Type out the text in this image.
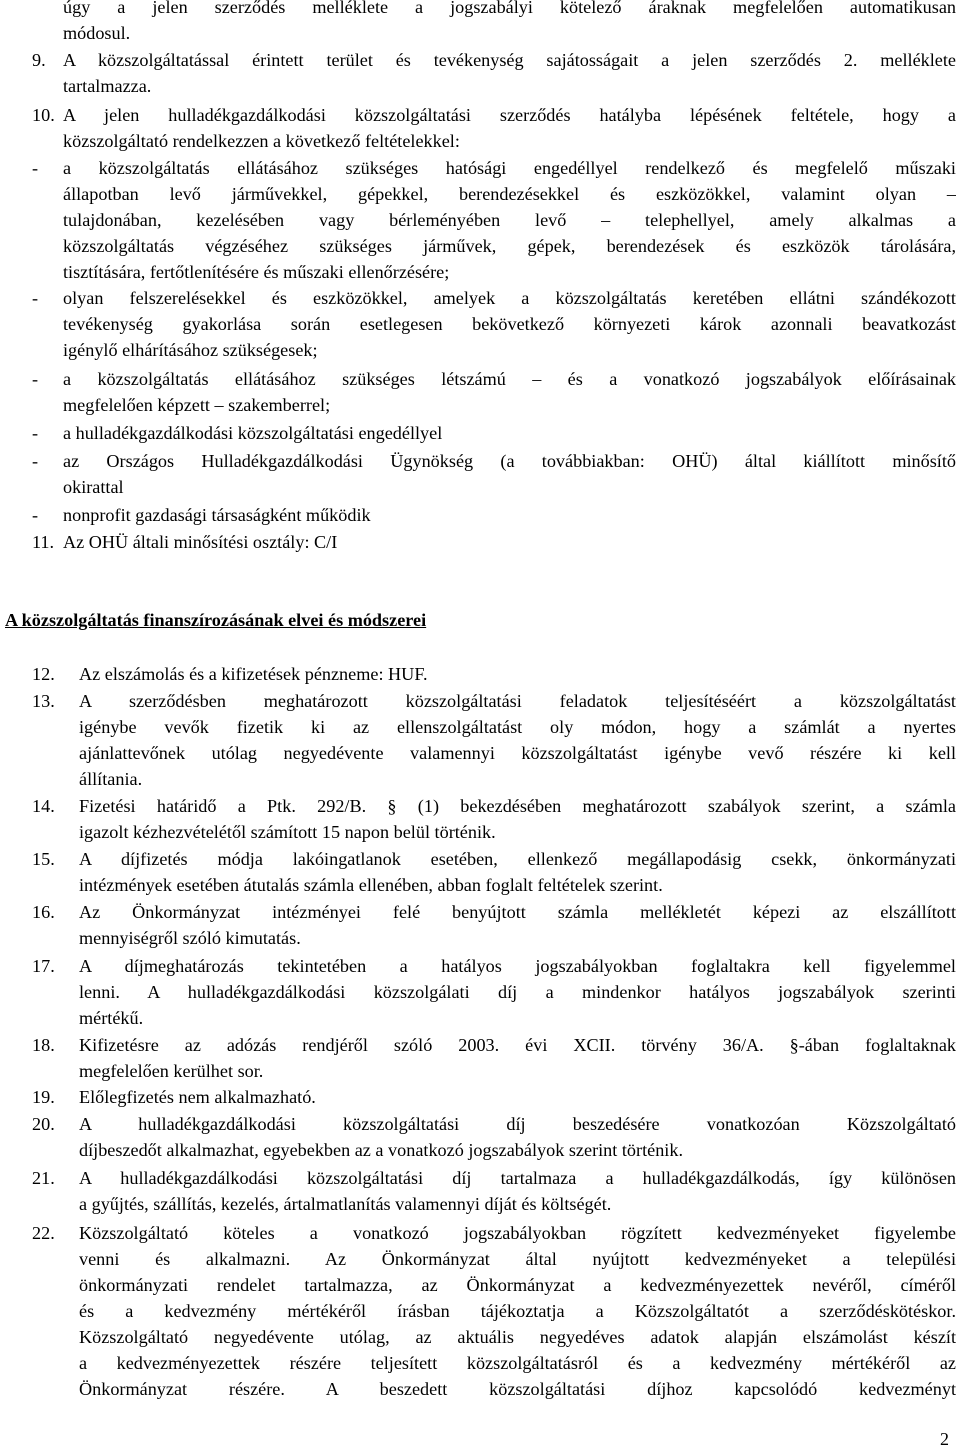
úgy a jelen szerződés melléklete a jogszabályi kötelező áraknak megfelelően automatikusan
módosul.
9. A közszolgáltatással érintett terület és tevékenység sajátosságait a jelen szerződés 2. melléklete
tartalmazza.
10. A jelen hulladékgazdálkodási közszolgáltatási szerződés hatályba lépésének feltétele, hogy a
közszolgáltató rendelkezzen a következő feltételekkel:
- a közszolgáltatás ellátásához szükséges hatósági engedéllyel rendelkező és megfelelő műszaki
állapotban levő járművekkel, gépekkel, berendezésekkel és eszközökkel, valamint olyan –
tulajdonában, kezelésében vagy bérleményében levő – telephellyel, amely alkalmas a
közszolgáltatás végzéséhez szükséges járművek, gépek, berendezések és eszközök tárolására,
tisztítására, fertőtlenítésére és műszaki ellenőrzésére;
- olyan felszerelésekkel és eszközökkel, amelyek a közszolgáltatás keretében ellátni szándékozott
tevékenység gyakorlása során esetlegesen bekövetkező környezeti károk azonnali beavatkozást
igénylő elhárításához szükségesek;
- a közszolgáltatás ellátásához szükséges létszámú – és a vonatkozó jogszabályok előírásainak
megfelelően képzett – szakemberrel;
- a hulladékgazdálkodási közszolgáltatási engedéllyel
- az Országos Hulladékgazdálkodási Ügynökség (a továbbiakban: OHÜ) által kiállított minősítő
okirattal
- nonprofit gazdasági társaságként működik
11. Az OHÜ általi minősítési osztály: C/I
A közszolgáltatás finanszírozásának elvei és módszerei
12. Az elszámolás és a kifizetések pénzneme: HUF.
13. A szerződésben meghatározott közszolgáltatási feladatok teljesítéséért a közszolgáltatást
igénybe vevők fizetik ki az ellenszolgáltatást oly módon, hogy a számlát a nyertes
ajánlattevőnek utólag negyedévente valamennyi közszolgáltatást igénybe vevő részére ki kell
állítania.
14. Fizetési határidő a Ptk. 292/B. § (1) bekezdésében meghatározott szabályok szerint, a számla
igazolt kézhezvételétől számított 15 napon belül történik.
15. A díjfizetés módja lakóingatlanok esetében, ellenkező megállapodásig csekk, önkormányzati
intézmények esetében átutalás számla ellenében, abban foglalt feltételek szerint.
16. Az Önkormányzat intézményei felé benyújtott számla mellékletét képezi az elszállított
mennyiségről szóló kimutatás.
17. A díjmeghatározás tekintetében a hatályos jogszabályokban foglaltakra kell figyelemmel
lenni. A hulladékgazdálkodási közszolgálati díj a mindenkor hatályos jogszabályok szerinti
mértékű.
18. Kifizetésre az adózás rendjéről szóló 2003. évi XCII. törvény 36/A. §-ában foglaltaknak
megfelelően kerülhet sor.
19. Előlegfizetés nem alkalmazható.
20. A hulladékgazdálkodási közszolgáltatási díj beszedésére vonatkozóan Közszolgáltató
díjbeszedőt alkalmazhat, egyebekben az a vonatkozó jogszabályok szerint történik.
21. A hulladékgazdálkodási közszolgáltatási díj tartalmaza a hulladékgazdálkodás, így különösen
a gyűjtés, szállítás, kezelés, ártalmatlanítás valamennyi díját és költségét.
22. Közszolgáltató köteles a vonatkozó jogszabályokban rögzített kedvezményeket figyelembe
venni és alkalmazni. Az Önkormányzat által nyújtott kedvezményeket a települési
önkormányzati rendelet tartalmazza, az Önkormányzat a kedvezményezettek nevéről, címéről
és a kedvezmény mértékéről írásban tájékoztatja a Közszolgáltatót a szerződéskötéskor.
Közszolgáltató negyedévente utólag, az aktuális negyedéves adatok alapján elszámolást készít
a kedvezményezettek részére teljesített közszolgáltatásról és a kedvezmény mértékéről az
Önkormányzat részére. A beszedett közszolgáltatási díjhoz kapcsolódó kedvezményt
2
